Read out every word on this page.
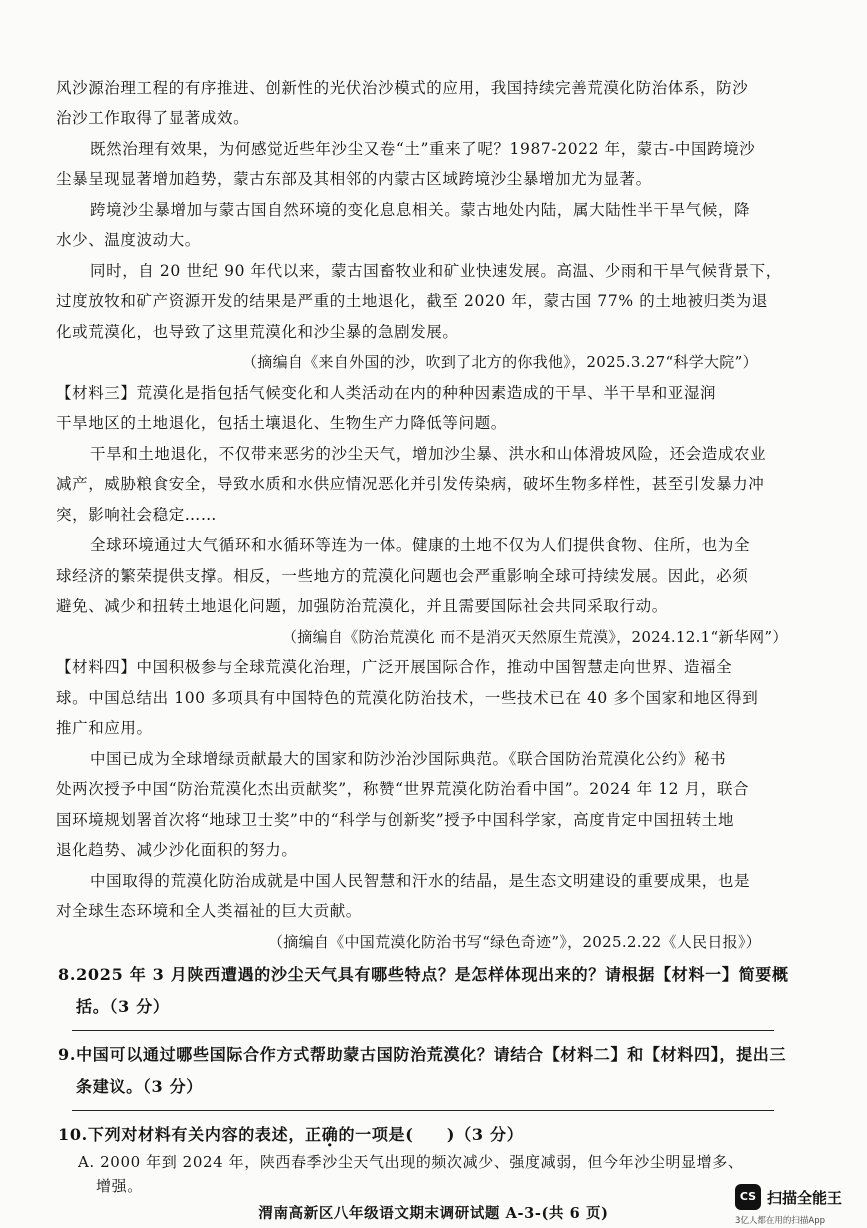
风沙源治理工程的有序推进、创新性的光伏治沙模式的应用，我国持续完善荒漠化防治体系，防沙
治沙工作取得了显著成效。
既然治理有效果，为何感觉近些年沙尘又卷“土”重来了呢？1987-2022 年，蒙古-中国跨境沙
尘暴呈现显著增加趋势，蒙古东部及其相邻的内蒙古区域跨境沙尘暴增加尤为显著。
跨境沙尘暴增加与蒙古国自然环境的变化息息相关。蒙古地处内陆，属大陆性半干旱气候，降
水少、温度波动大。
同时，自 20 世纪 90 年代以来，蒙古国畜牧业和矿业快速发展。高温、少雨和干旱气候背景下，
过度放牧和矿产资源开发的结果是严重的土地退化，截至 2020 年，蒙古国 77% 的土地被归类为退
化或荒漠化，也导致了这里荒漠化和沙尘暴的急剧发展。
（摘编自《来自外国的沙，吹到了北方的你我他》，2025.3.27“科学大院”）
【材料三】荒漠化是指包括气候变化和人类活动在内的种种因素造成的干旱、半干旱和亚湿润
干旱地区的土地退化，包括土壤退化、生物生产力降低等问题。
干旱和土地退化，不仅带来恶劣的沙尘天气，增加沙尘暴、洪水和山体滑坡风险，还会造成农业
减产，威胁粮食安全，导致水质和水供应情况恶化并引发传染病，破坏生物多样性，甚至引发暴力冲
突，影响社会稳定……
全球环境通过大气循环和水循环等连为一体。健康的土地不仅为人们提供食物、住所，也为全
球经济的繁荣提供支撑。相反，一些地方的荒漠化问题也会严重影响全球可持续发展。因此，必须
避免、减少和扭转土地退化问题，加强防治荒漠化，并且需要国际社会共同采取行动。
（摘编自《防治荒漠化 而不是消灭天然原生荒漠》，2024.12.1“新华网”）
【材料四】中国积极参与全球荒漠化治理，广泛开展国际合作，推动中国智慧走向世界、造福全
球。中国总结出 100 多项具有中国特色的荒漠化防治技术，一些技术已在 40 多个国家和地区得到
推广和应用。
中国已成为全球增绿贡献最大的国家和防沙治沙国际典范。《联合国防治荒漠化公约》秘书
处两次授予中国“防治荒漠化杰出贡献奖”，称赞“世界荒漠化防治看中国”。2024 年 12 月，联合
国环境规划署首次将“地球卫士奖”中的“科学与创新奖”授予中国科学家，高度肯定中国扭转土地
退化趋势、减少沙化面积的努力。
中国取得的荒漠化防治成就是中国人民智慧和汗水的结晶，是生态文明建设的重要成果，也是
对全球生态环境和全人类福祉的巨大贡献。
（摘编自《中国荒漠化防治书写“绿色奇迹”》，2025.2.22《人民日报》）
8.2025 年 3 月陕西遭遇的沙尘天气具有哪些特点？是怎样体现出来的？请根据【材料一】简要概
括。（3 分）
9.中国可以通过哪些国际合作方式帮助蒙古国防治荒漠化？请结合【材料二】和【材料四】，提出三
条建议。（3 分）
10.下列对材料有关内容的表述，正确的一项是(　　)（3 分）
A. 2000 年到 2024 年，陕西春季沙尘天气出现的频次减少、强度减弱，但今年沙尘明显增多、
增强。
渭南高新区八年级语文期末调研试题 A-3-(共 6 页)
CS 扫描全能王
3亿人都在用的扫描App
